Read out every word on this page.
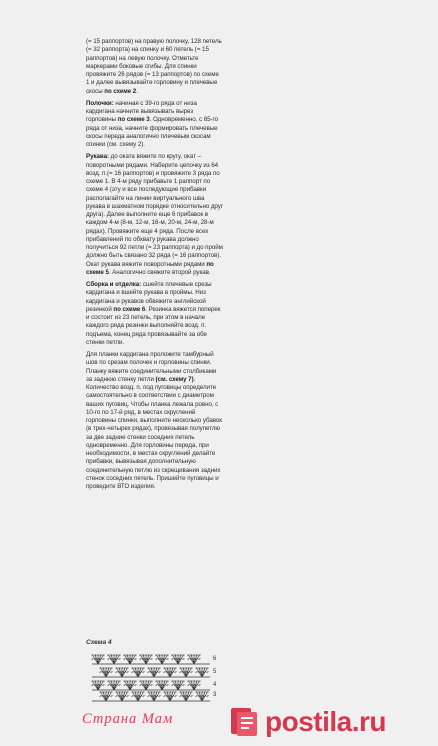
(= 15 раппортов) на правую полочку, 128 петель (= 32 раппорта) на спинку и 60 петель (= 15 раппортов) на левую полочку. Отметьте маркерами боковые сгибы. Для спинки провяжите 26 рядов (= 13 раппортов) по схеме 1 и далее вывязывайте горловину и плечевые скосы по схеме 2.

Полочки: начиная с 39-го ряда от низа кардигана начните вывязывать вырез горловины по схеме 3. Одновременно, с 65-го ряда от низа, начните формировать плечевые скосы переда аналогично плечевым скосам спинки (см. схему 2).

Рукава: до оката вяжите по кругу, окат – поворотными рядами. Наберите цепочку из 64 возд. п.(= 16 раппортов) и провяжите 3 ряда по схеме 1. В 4-м ряду прибавьте 1 раппорт по схеме 4 (эту и все последующие прибавки располагайте на линии виртуального шва рукава в шахматном порядке относительно друг друга). Далее выполните еще 6 прибавок в каждом 4-м (8-м, 12-м, 16-м, 20-м, 24-м, 28-м рядах). Провяжите еще 4 ряда. После всех прибавлений по обхвату рукава должно получиться 92 петли (= 23 раппорта) и до пройм должно быть связано 32 ряда (= 16 раппортов). Окат рукава вяжите поворотными рядами по схеме 5. Аналогично свяжите второй рукав.

Сборка и отделка: сшейте плечевые срезы кардигана и вшейте рукава в проймы. Низ кардигана и рукавов обвяжите английской резинкой по схеме 6. Резинка вяжется поперек и состоит из 23 петель, при этом в начале каждого ряда резинки выполняйте возд. п. подъема, конец ряда провязывайте за обе стенки петли.

Для планки кардигана проложите тамбурный шов по срезам полочек и горловины спинки. Планку вяжите соединительными столбиками за заднюю стенку петли (см. схему 7). Количество возд. п. под пуговицы определите самостоятельно в соответствии с диаметром ваших пуговиц. Чтобы планка лежала ровно, с 10-го по 17-й ряд, в местах скруглений горловины спинки, выполните несколько убавок (в трех-четырех рядах), провязывая полупетлю за две задние стенки соседних петель одновременно. Для горловины переда, при необходимости, в местах скруглений делайте прибавки, вывязывая дополнительную соединительную петлю из скрещивания задних стенок соседних петель. Пришейте пуговицы и проведите ВТО изделия.

Схема 4
6
5
4
3
Страна Мам	postila.ru
